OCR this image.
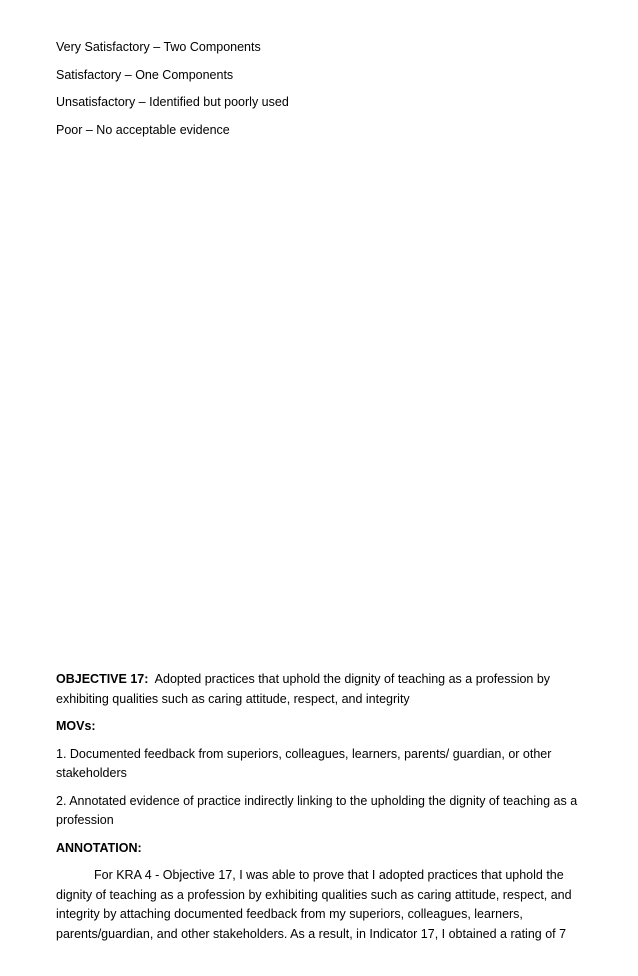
Very Satisfactory – Two Components
Satisfactory – One Components
Unsatisfactory – Identified but poorly used
Poor – No acceptable evidence

OBJECTIVE 17: Adopted practices that uphold the dignity of teaching as a profession by exhibiting qualities such as caring attitude, respect, and integrity

MOVs:

1. Documented feedback from superiors, colleagues, learners, parents/ guardian, or other stakeholders

2. Annotated evidence of practice indirectly linking to the upholding the dignity of teaching as a profession

ANNOTATION:

For KRA 4 - Objective 17, I was able to prove that I adopted practices that uphold the dignity of teaching as a profession by exhibiting qualities such as caring attitude, respect, and integrity by attaching documented feedback from my superiors, colleagues, learners, parents/guardian, and other stakeholders. As a result, in Indicator 17, I obtained a rating of 7
